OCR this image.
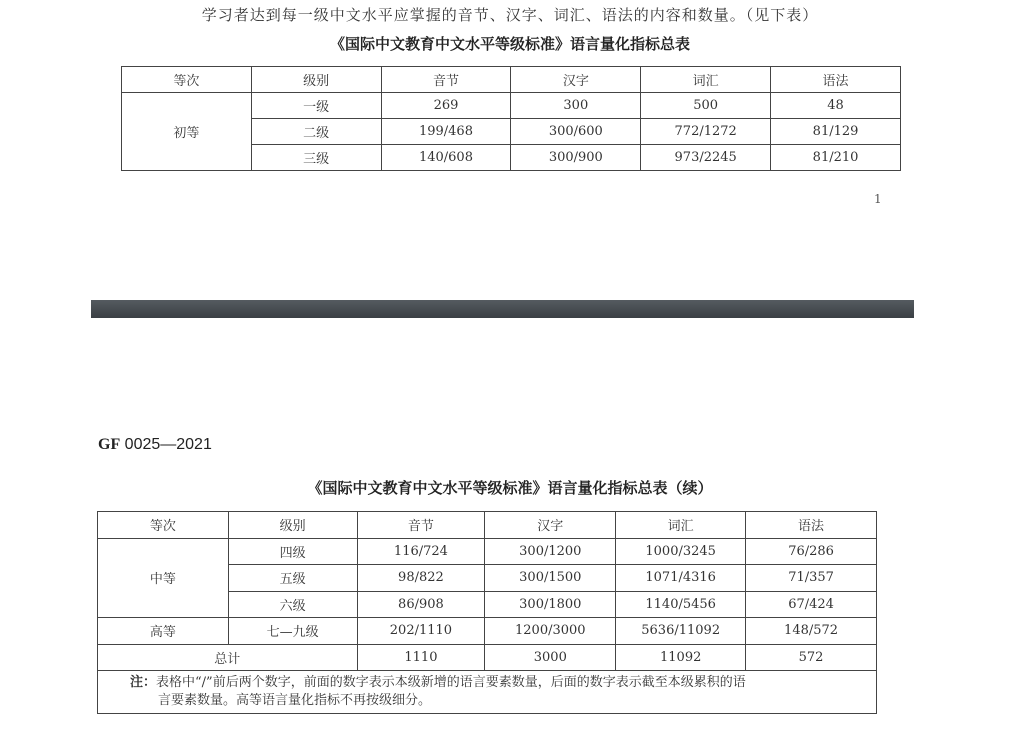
学习者达到每一级中文水平应掌握的音节、汉字、词汇、语法的内容和数量。（见下表）
《国际中文教育中文水平等级标准》语言量化指标总表
等次	级别	音节	汉字	词汇	语法
初等	一级	269	300	500	48
	二级	199/468	300/600	772/1272	81/129
	三级	140/608	300/900	973/2245	81/210
1
GF 0025—2021
《国际中文教育中文水平等级标准》语言量化指标总表（续）
等次	级别	音节	汉字	词汇	语法
中等	四级	116/724	300/1200	1000/3245	76/286
	五级	98/822	300/1500	1071/4316	71/357
	六级	86/908	300/1800	1140/5456	67/424
高等	七—九级	202/1110	1200/3000	5636/11092	148/572
总计		1110	3000	11092	572
注：表格中“/”前后两个数字，前面的数字表示本级新增的语言要素数量，后面的数字表示截至本级累积的语
言要素数量。高等语言量化指标不再按级细分。					
